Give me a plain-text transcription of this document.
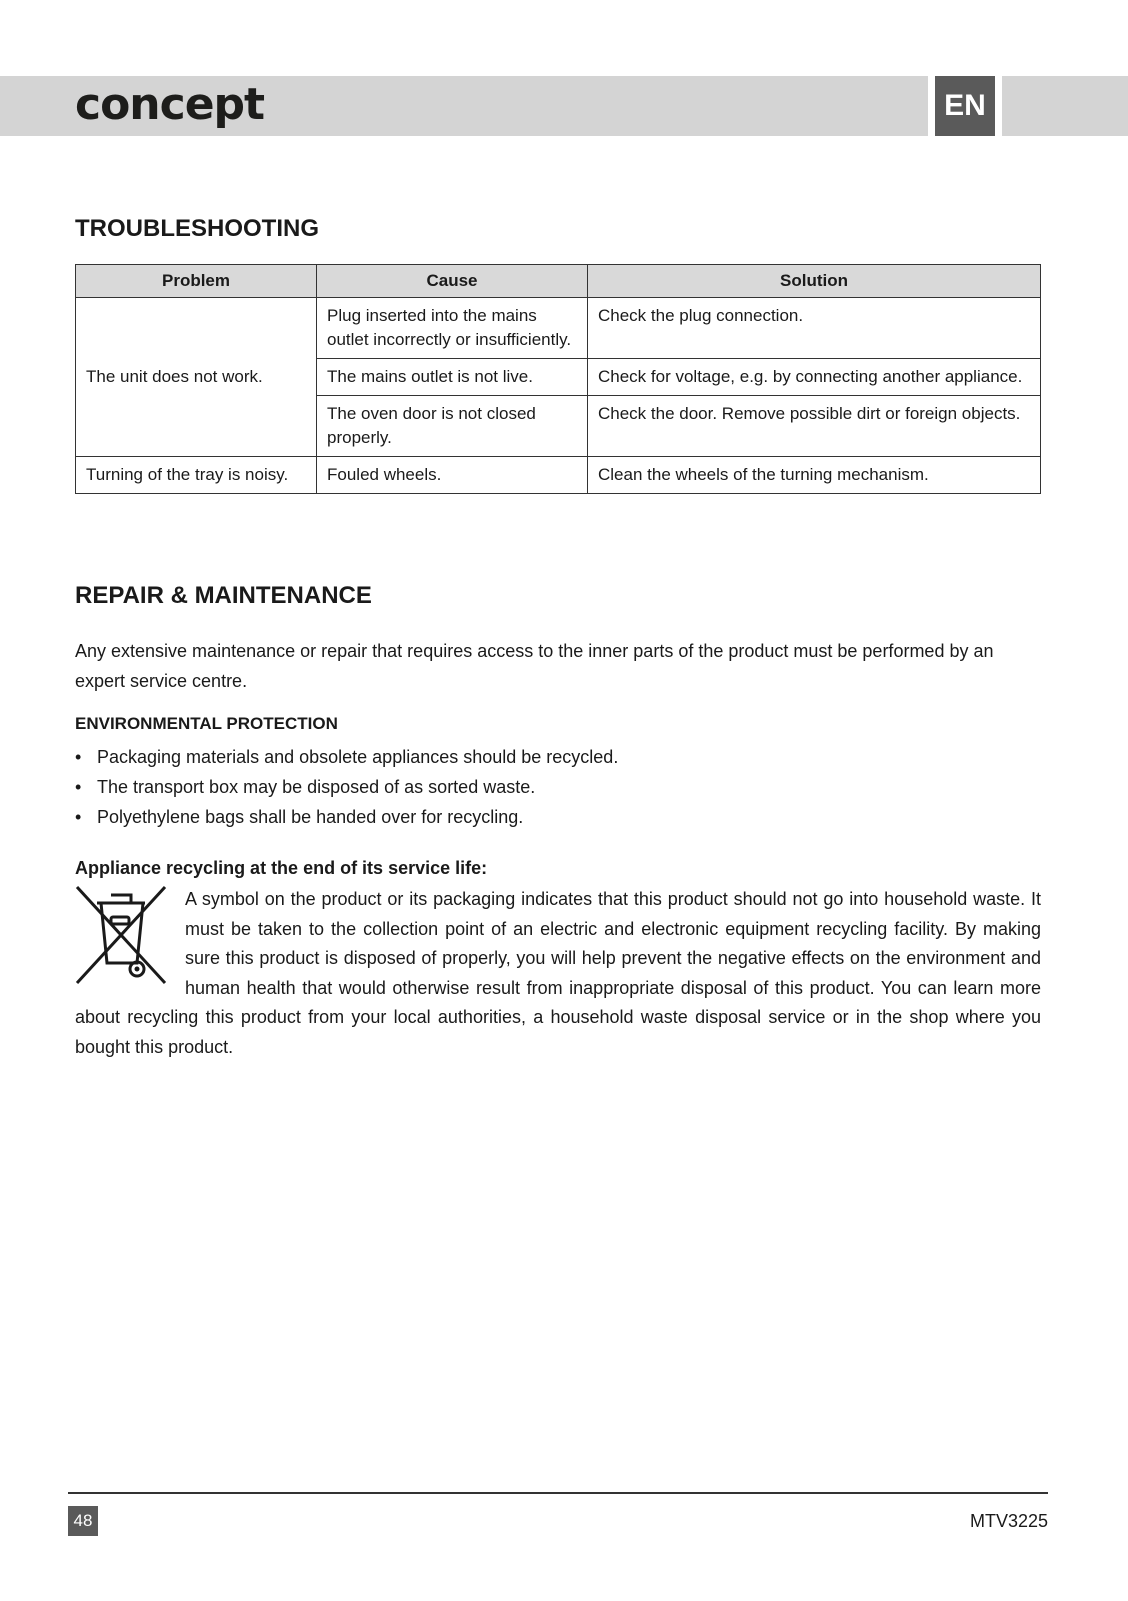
concept	EN
TROUBLESHOOTING
Problem	Cause	Solution
The unit does not work.	Plug inserted into the mains outlet incorrectly or insufficiently.	Check the plug connection.
	The mains outlet is not live.	Check for voltage, e.g. by connecting another appliance.
	The oven door is not closed properly.	Check the door. Remove possible dirt or foreign objects.
Turning of the tray is noisy.	Fouled wheels.	Clean the wheels of the turning mechanism.
REPAIR & MAINTENANCE

Any extensive maintenance or repair that requires access to the inner parts of the product must be performed by an expert service centre.

ENVIRONMENTAL PROTECTION
• Packaging materials and obsolete appliances should be recycled.
• The transport box may be disposed of as sorted waste.
• Polyethylene bags shall be handed over for recycling.
Appliance recycling at the end of its service life:

A symbol on the product or its packaging indicates that this product should not go into household waste. It must be taken to the collection point of an electric and electronic equipment recycling facility. By making sure this product is disposed of properly, you will help prevent the negative effects on the environment and human health that would otherwise result from inappropriate disposal of this product. You can learn more about recycling this product from your local authorities, a household waste disposal service or in the shop where you bought this product.

48	MTV3225
